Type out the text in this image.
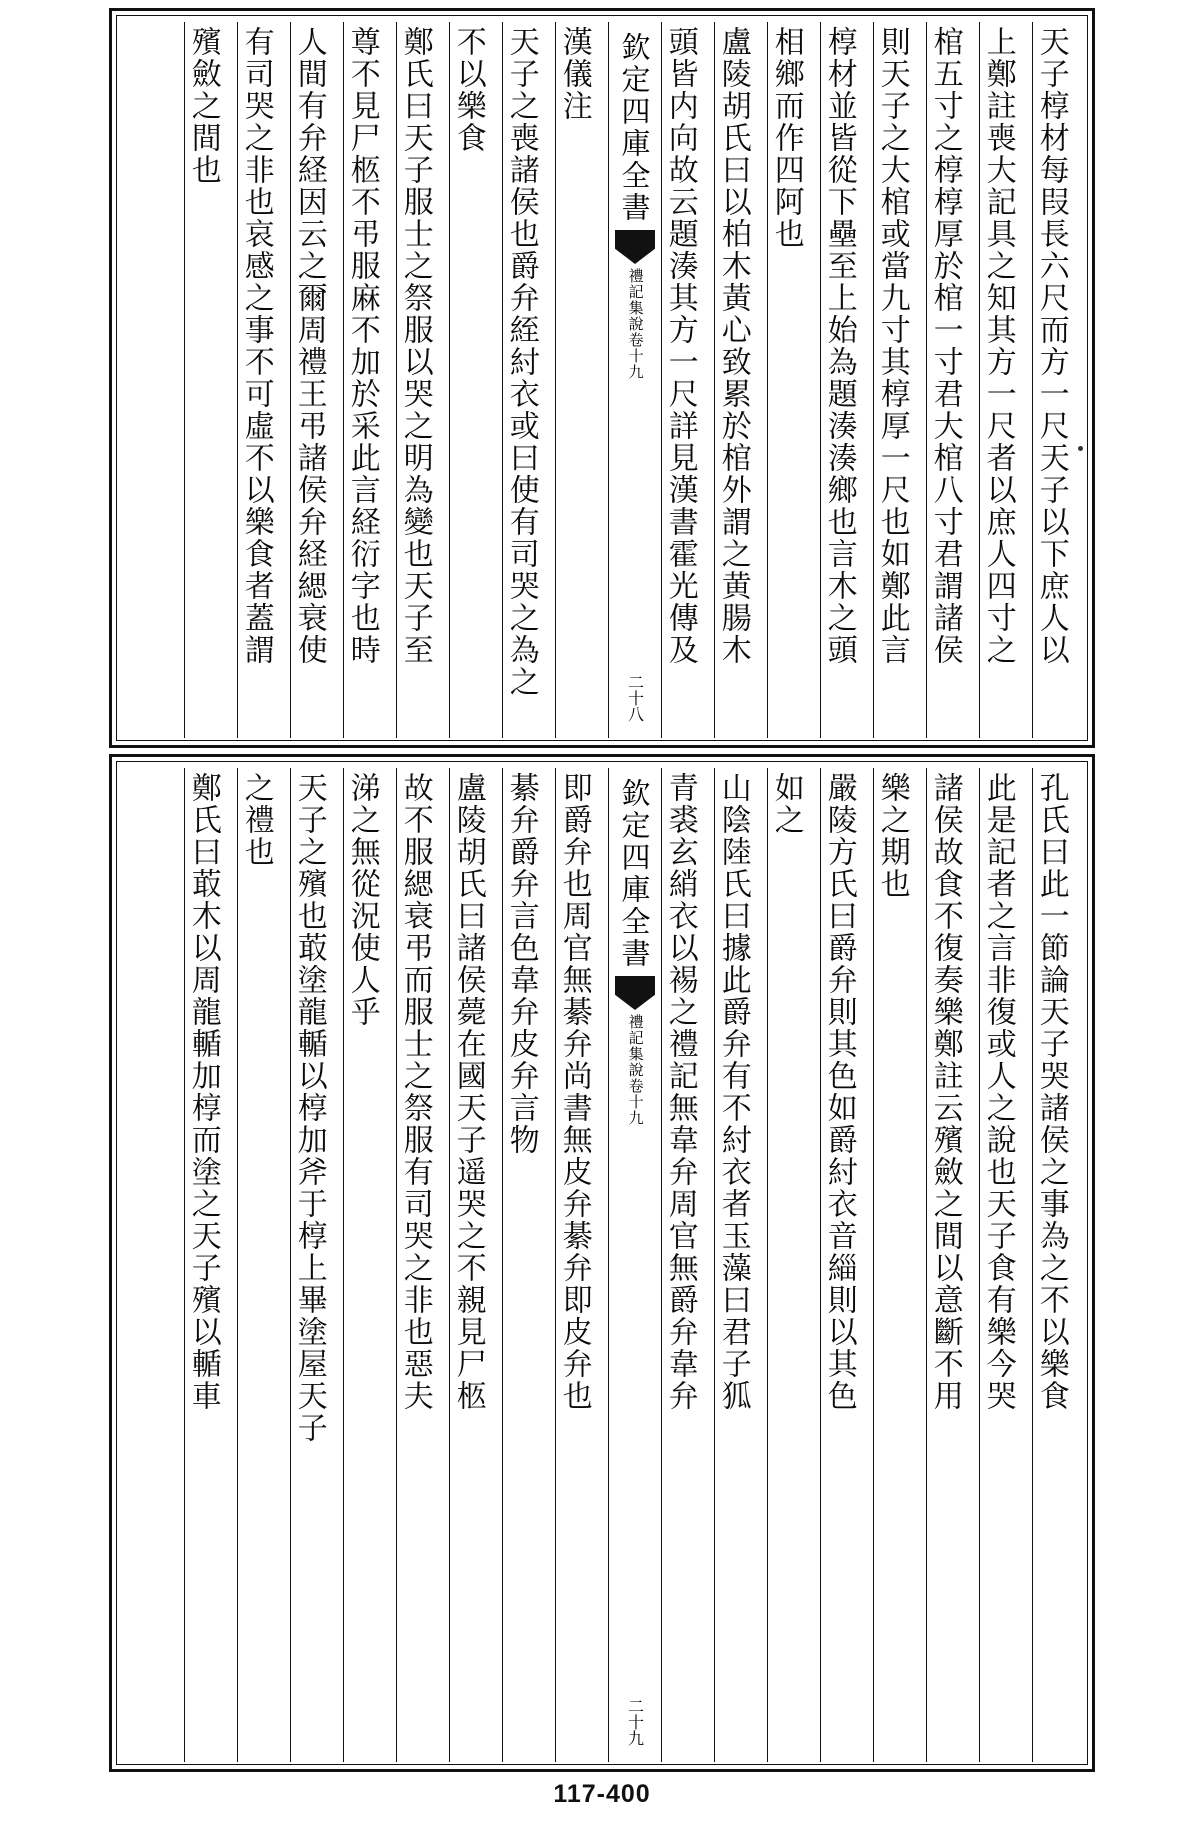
天子椁材每叚長六尺而方一尺天子以下庶人以
上鄭註喪大記具之知其方一尺者以庶人四寸之
棺五寸之椁椁厚於棺一寸君大棺八寸君謂諸侯
則天子之大棺或當九寸其椁厚一尺也如鄭此言
椁材並皆從下壘至上始為題湊湊鄉也言木之頭
相鄉而作四阿也
盧陵胡氏曰以柏木黃心致累於棺外謂之黄腸木
頭皆内向故云題湊其方一尺詳見漢書霍光傳及
欽定四庫全書
禮記集說
卷十九
二十八
漢儀注
天子之喪諸侯也爵弁絰紂衣或曰使有司哭之為之
不以樂食
鄭氏曰天子服士之祭服以哭之明為變也天子至
尊不見尸柩不弔服麻不加於采此言経衍字也時
人間有弁経因云之爾周禮王弔諸侯弁経緦衰使
有司哭之非也哀感之事不可虛不以樂食者蓋謂
殯斂之間也
孔氏曰此一節論天子哭諸侯之事為之不以樂食
此是記者之言非復或人之說也天子食有樂今哭
諸侯故食不復奏樂鄭註云殯斂之間以意斷不用
樂之期也
嚴陵方氏曰爵弁則其色如爵紂衣音緇則以其色
如之
山陰陸氏曰據此爵弁有不紂衣者玉藻曰君子狐
青裘玄綃衣以裼之禮記無韋弁周官無爵弁韋弁
欽定四庫全書
禮記集說
卷十九
二十九
即爵弁也周官無綦弁尚書無皮弁綦弁即皮弁也
綦弁爵弁言色韋弁皮弁言物
盧陵胡氏曰諸侯薨在國天子遥哭之不親見尸柩
故不服緦衰弔而服士之祭服有司哭之非也惡夫
涕之無從況使人乎
天子之殯也菆塗龍輴以椁加斧于椁上畢塗屋天子
之禮也
鄭氏曰菆木以周龍輴加椁而塗之天子殯以輴車
117-400
